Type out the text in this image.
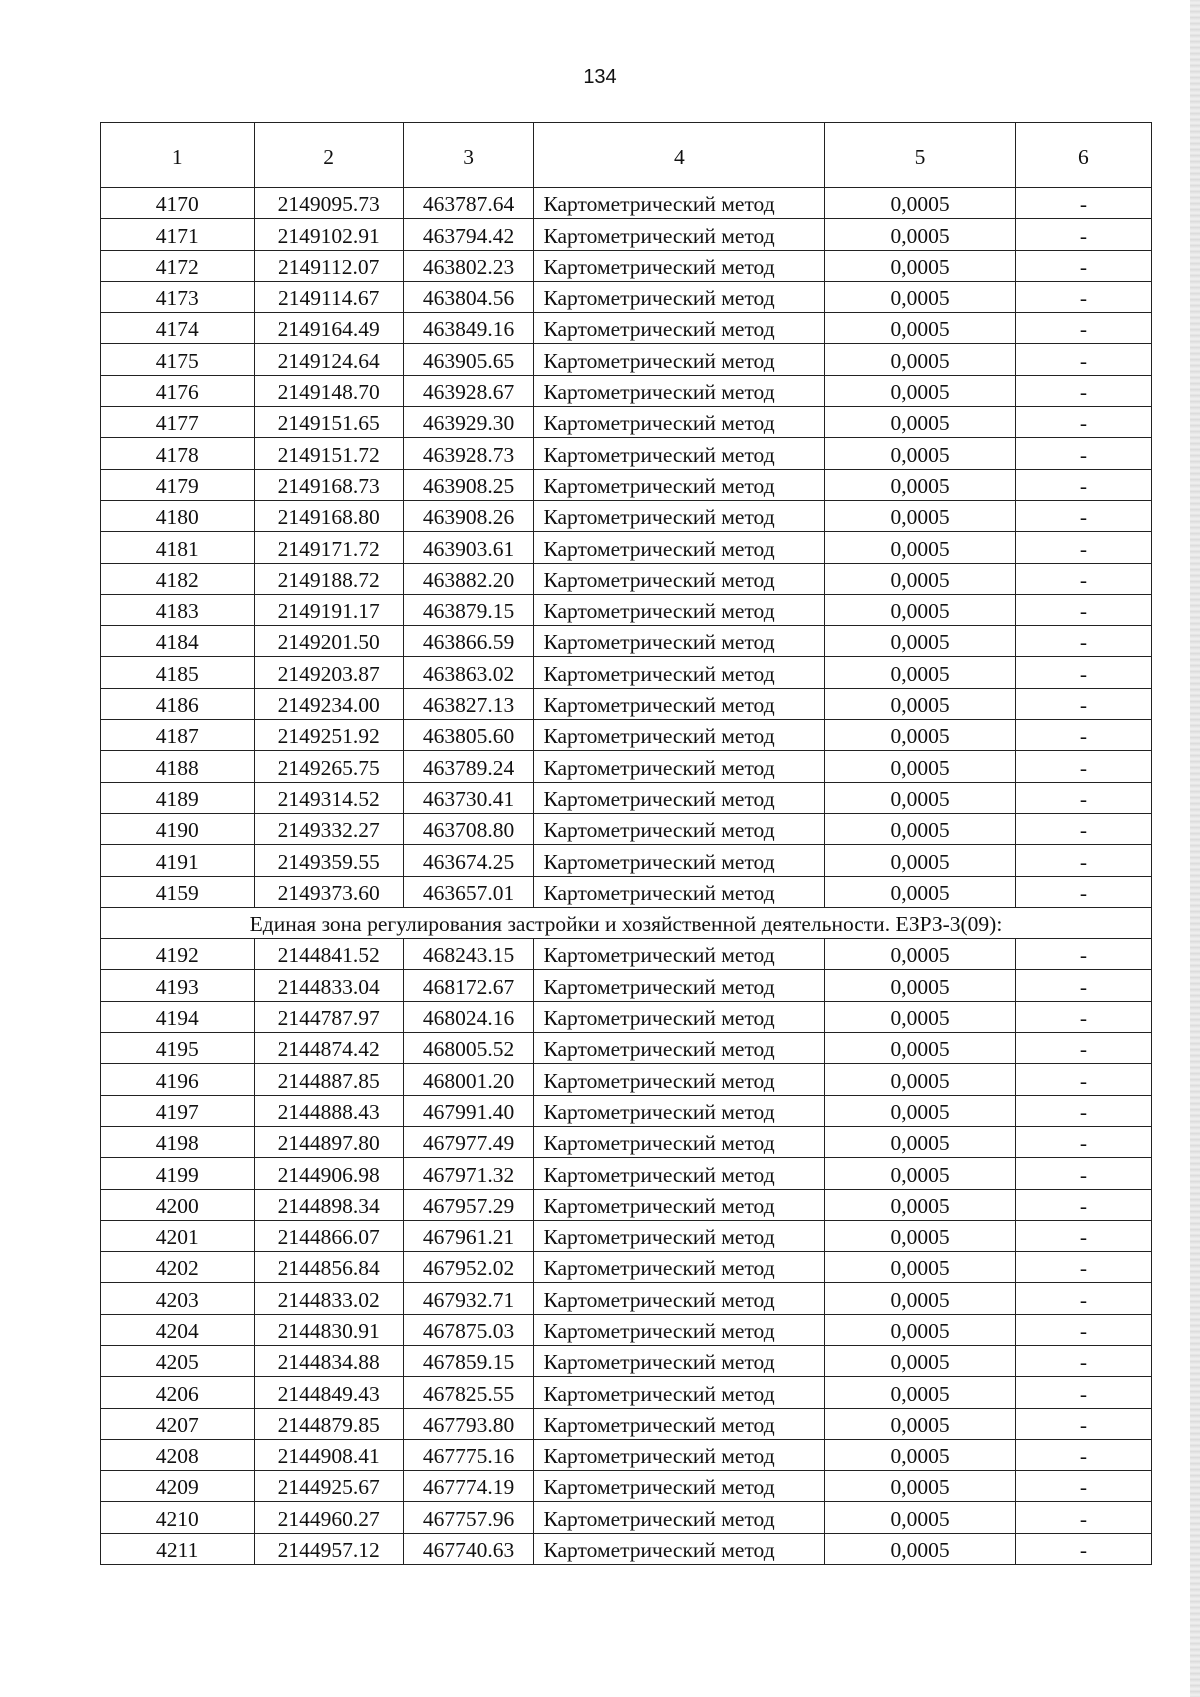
134
1	2	3	4	5	6
4170	2149095.73	463787.64	Картометрический метод	0,0005	-
4171	2149102.91	463794.42	Картометрический метод	0,0005	-
4172	2149112.07	463802.23	Картометрический метод	0,0005	-
4173	2149114.67	463804.56	Картометрический метод	0,0005	-
4174	2149164.49	463849.16	Картометрический метод	0,0005	-
4175	2149124.64	463905.65	Картометрический метод	0,0005	-
4176	2149148.70	463928.67	Картометрический метод	0,0005	-
4177	2149151.65	463929.30	Картометрический метод	0,0005	-
4178	2149151.72	463928.73	Картометрический метод	0,0005	-
4179	2149168.73	463908.25	Картометрический метод	0,0005	-
4180	2149168.80	463908.26	Картометрический метод	0,0005	-
4181	2149171.72	463903.61	Картометрический метод	0,0005	-
4182	2149188.72	463882.20	Картометрический метод	0,0005	-
4183	2149191.17	463879.15	Картометрический метод	0,0005	-
4184	2149201.50	463866.59	Картометрический метод	0,0005	-
4185	2149203.87	463863.02	Картометрический метод	0,0005	-
4186	2149234.00	463827.13	Картометрический метод	0,0005	-
4187	2149251.92	463805.60	Картометрический метод	0,0005	-
4188	2149265.75	463789.24	Картометрический метод	0,0005	-
4189	2149314.52	463730.41	Картометрический метод	0,0005	-
4190	2149332.27	463708.80	Картометрический метод	0,0005	-
4191	2149359.55	463674.25	Картометрический метод	0,0005	-
4159	2149373.60	463657.01	Картометрический метод	0,0005	-
Единая зона регулирования застройки и хозяйственной деятельности. ЕЗРЗ-3(09):					
4192	2144841.52	468243.15	Картометрический метод	0,0005	-
4193	2144833.04	468172.67	Картометрический метод	0,0005	-
4194	2144787.97	468024.16	Картометрический метод	0,0005	-
4195	2144874.42	468005.52	Картометрический метод	0,0005	-
4196	2144887.85	468001.20	Картометрический метод	0,0005	-
4197	2144888.43	467991.40	Картометрический метод	0,0005	-
4198	2144897.80	467977.49	Картометрический метод	0,0005	-
4199	2144906.98	467971.32	Картометрический метод	0,0005	-
4200	2144898.34	467957.29	Картометрический метод	0,0005	-
4201	2144866.07	467961.21	Картометрический метод	0,0005	-
4202	2144856.84	467952.02	Картометрический метод	0,0005	-
4203	2144833.02	467932.71	Картометрический метод	0,0005	-
4204	2144830.91	467875.03	Картометрический метод	0,0005	-
4205	2144834.88	467859.15	Картометрический метод	0,0005	-
4206	2144849.43	467825.55	Картометрический метод	0,0005	-
4207	2144879.85	467793.80	Картометрический метод	0,0005	-
4208	2144908.41	467775.16	Картометрический метод	0,0005	-
4209	2144925.67	467774.19	Картометрический метод	0,0005	-
4210	2144960.27	467757.96	Картометрический метод	0,0005	-
4211	2144957.12	467740.63	Картометрический метод	0,0005	-
